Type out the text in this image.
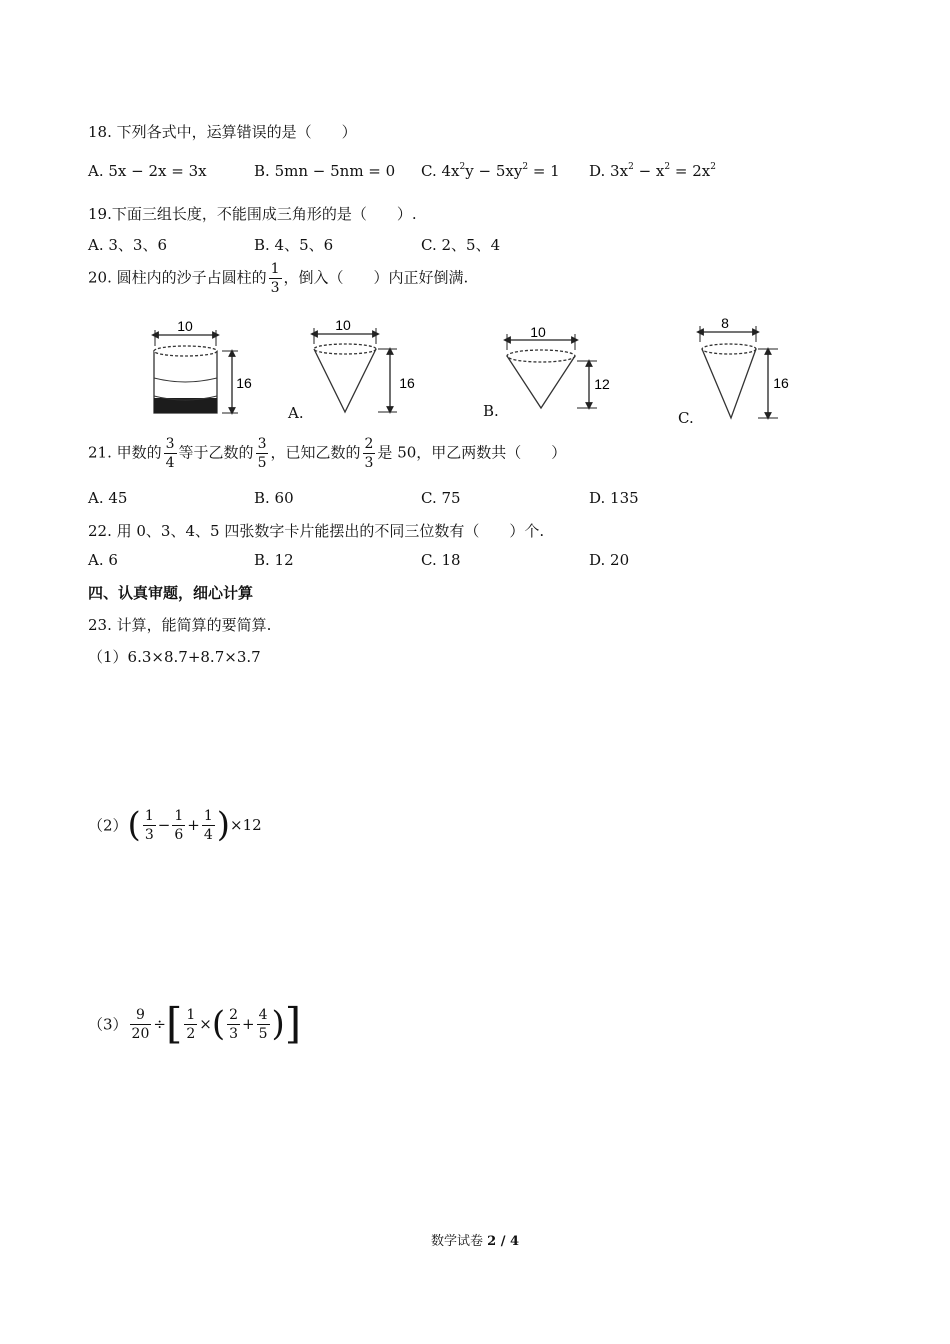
18. 下列各式中，运算错误的是（　　）
A. 5x − 2x = 3x	B. 5mn − 5nm = 0 C. $4x^2y - 5xy^2 = 1$ D. $3x^2 - x^2 = 2x^2$
19.下面三组长度，不能围成三角形的是（　　）.
A. 3、3、6	B. 4、5、6	C. 2、5、4
20. 圆柱内的沙子占圆柱的 $\frac{1}{3}$ ，倒入（　　）内正好倒满.
10
16
10
16
10
12
8
16
A.	B.	C.
21. 甲数的 $\frac{3}{4}$ 等于乙数的 $\frac{3}{5}$ ，已知乙数的 $\frac{2}{3}$ 是 50，甲乙两数共（　　）
A. 45	B. 60	C. 75	D. 135
22. 用 0、3、4、5 四张数字卡片能摆出的不同三位数有（　　）个.
A. 6	B. 12	C. 18	D. 20
四、认真审题，细心计算
23. 计算，能简算的要简算.
（1）6.3×8.7+8.7×3.7
$(2)( \frac{1}{3} - \frac{1}{6} + \frac{1}{4} )\times 12$
$(3) \frac{9}{20}$ ÷[ $\frac{1}{2}$ ×( $\frac{2}{3} + \frac{4}{5}$ )]
数学试卷 2 / 4
